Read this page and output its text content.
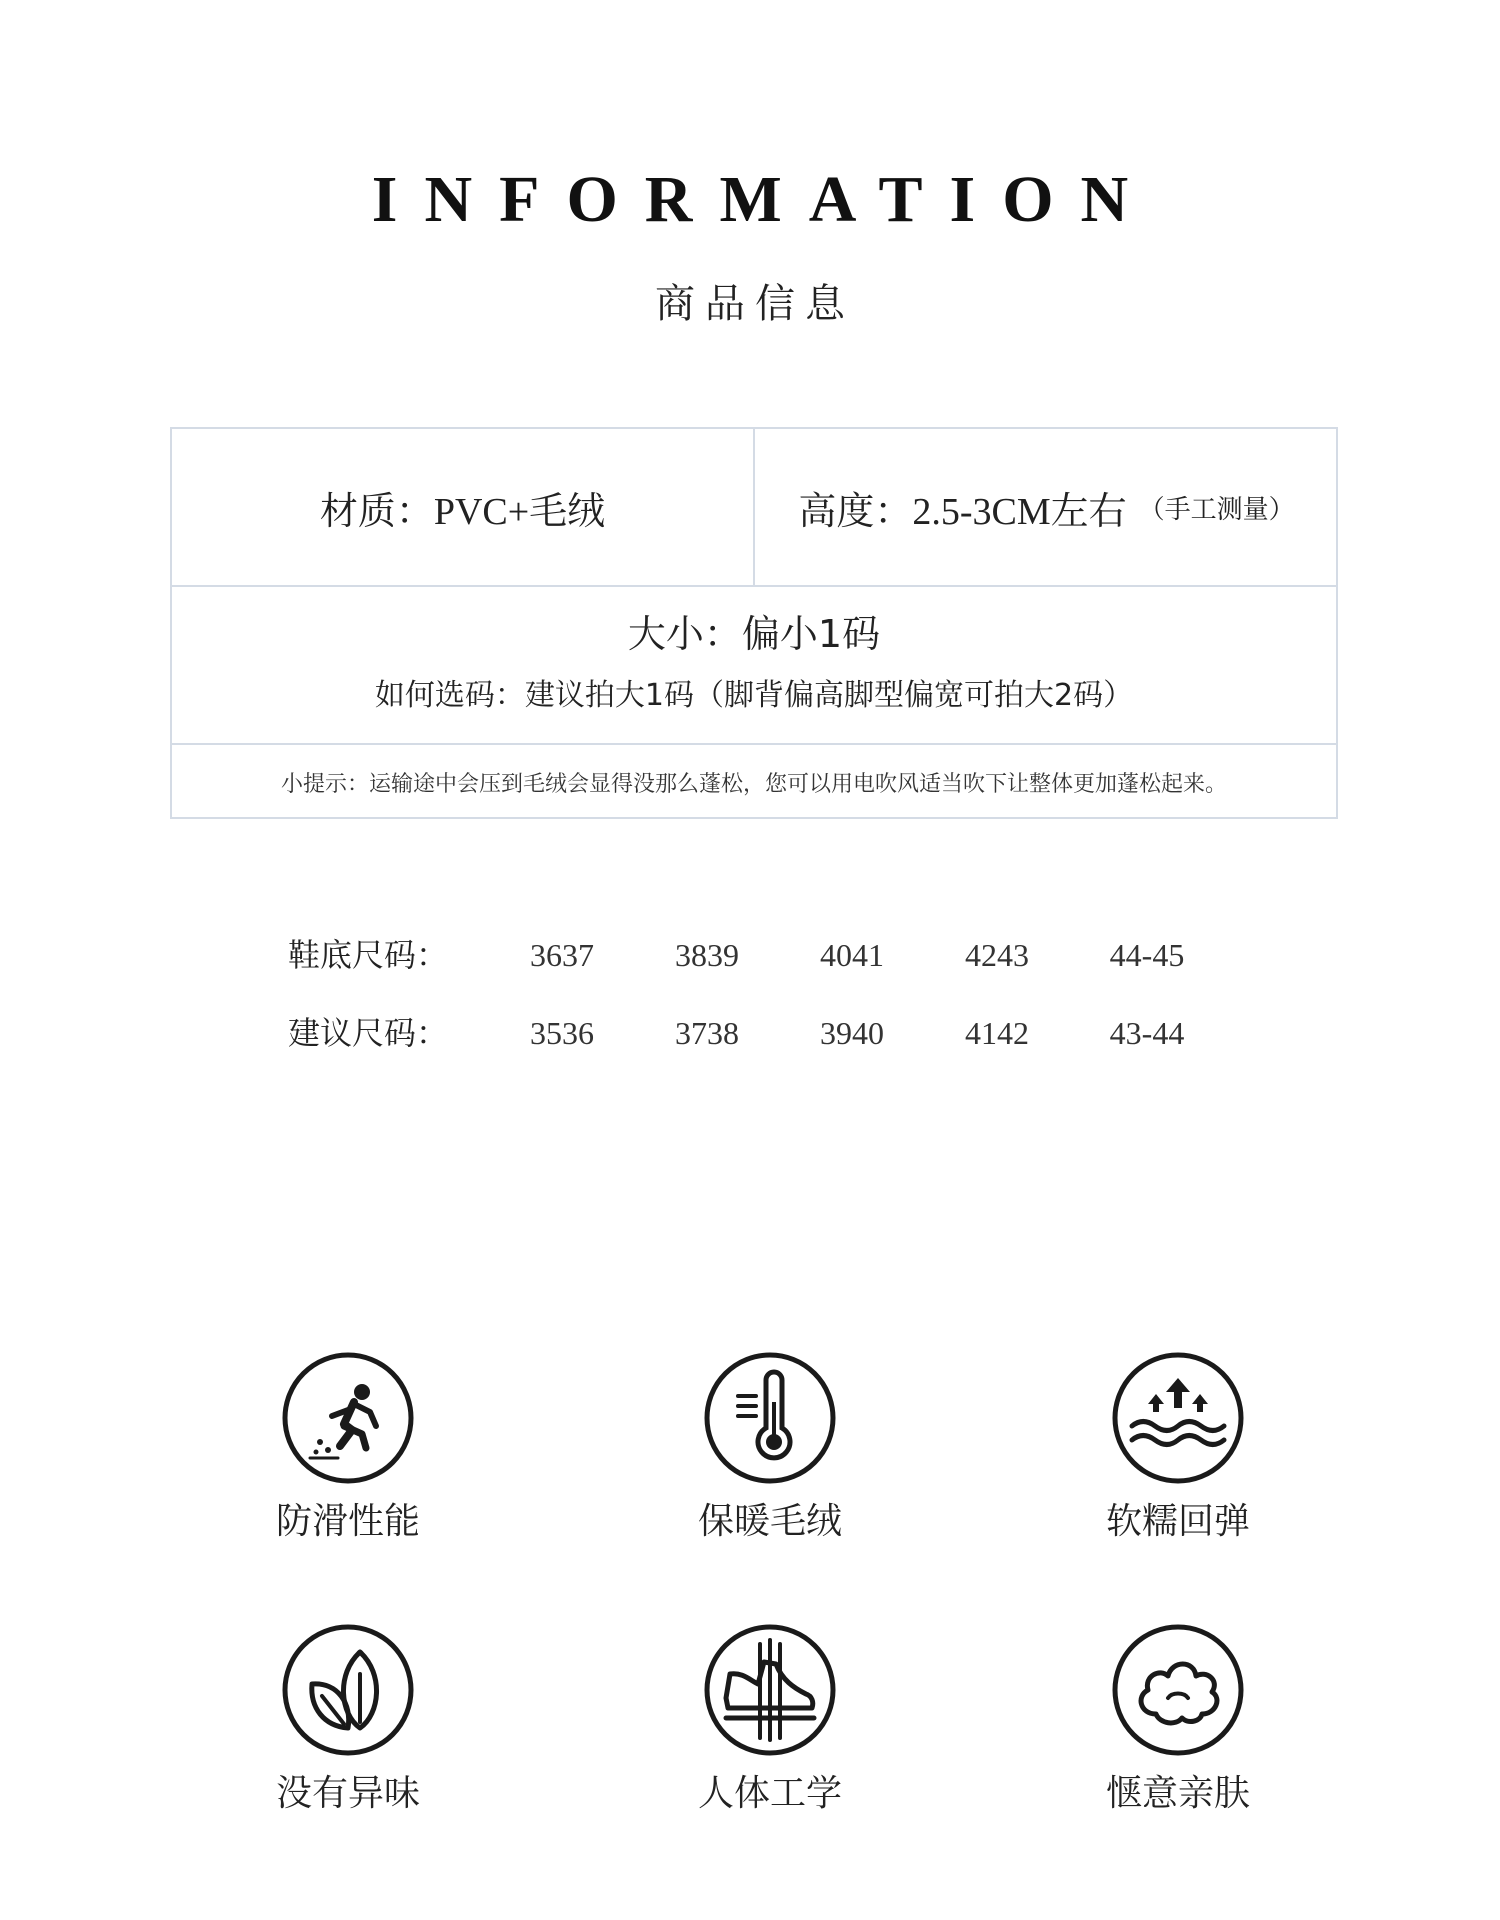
INFORMATION
商品信息
材质： PVC+毛绒	高度： 2.5-3CM左右 （手工测量）
大小：偏小1码
如何选码：建议拍大1码（脚背偏高脚型偏宽可拍大2码）
小提示：运输途中会压到毛绒会显得没那么蓬松，您可以用电吹风适当吹下让整体更加蓬松起来。
鞋底尺码：	3637	3839	4041	4243	44-45
建议尺码：	3536	3738	3940	4142	43-44
防滑性能	保暖毛绒	软糯回弹
没有异味	人体工学	惬意亲肤
